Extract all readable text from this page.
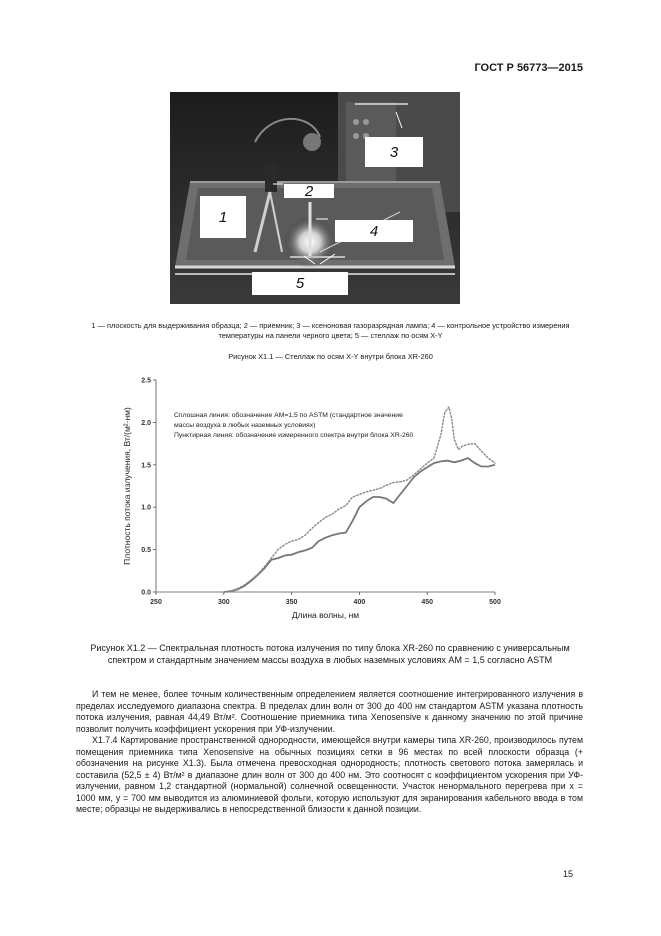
ГОСТ Р 56773—2015
3
2
1
4
5
1 — плоскость для выдерживания образца; 2 — приемник; 3 — ксеноновая газоразрядная лампа; 4 — контрольное устройство измерения температуры на панели черного цвета; 5 — стеллаж по осям X-Y
Рисунок X1.1 — Стеллаж по осям X-Y внутри блока XR-260
0.0
0.5
1.0
1.5
2.0
2.5
250	300	350	400	450	500
Сплошная линия: обозначение AM=1,5 по ASTM (стандартное значение
массы воздуха в любых наземных условиях)
Пунктирная линия: обозначение измеренного спектра внутри блока XR-260
Длина волны, нм
Плотность потока излучения, Вт/(м²·нм)
Рисунок X1.2 — Спектральная плотность потока излучения по типу блока XR-260 по сравнению с универсальным спектром и стандартным значением массы воздуха в любых наземных условиях AM = 1,5 согласно ASTM

И тем не менее, более точным количественным определением является соотношение интегрированного излучения в пределах исследуемого диапазона спектра. В пределах длин волн от 300 до 400 нм стандартом ASTM указана плотность потока излучения, равная 44,49 Вт/м². Соотношение приемника типа Xenosensive к данному значению по этой причине позволит получить коэффициент ускорения при УФ-излучении.

X1.7.4 Картирование пространственной однородности, имеющейся внутри камеры типа XR-260, производилось путем помещения приемника типа Xenosensive на обычных позициях сетки в 96 местах по всей плоскости образца (+ обозначения на рисунке X1.3). Была отмечена превосходная однородность; плотность светового потока замерялась и составила (52,5 ± 4) Вт/м² в диапазоне длин волн от 300 до 400 нм. Это соотносят с коэффициентом ускорения при УФ-излучении, равном 1,2 стандартной (нормальной) солнечной освещенности. Участок ненормального перегрева при x = 1000 мм, y = 700 мм выводится из алюминиевой фольги, которую используют для экранирования кабельного ввода в том месте; образцы не выдерживались в непосредственной близости к данной позиции.

15
